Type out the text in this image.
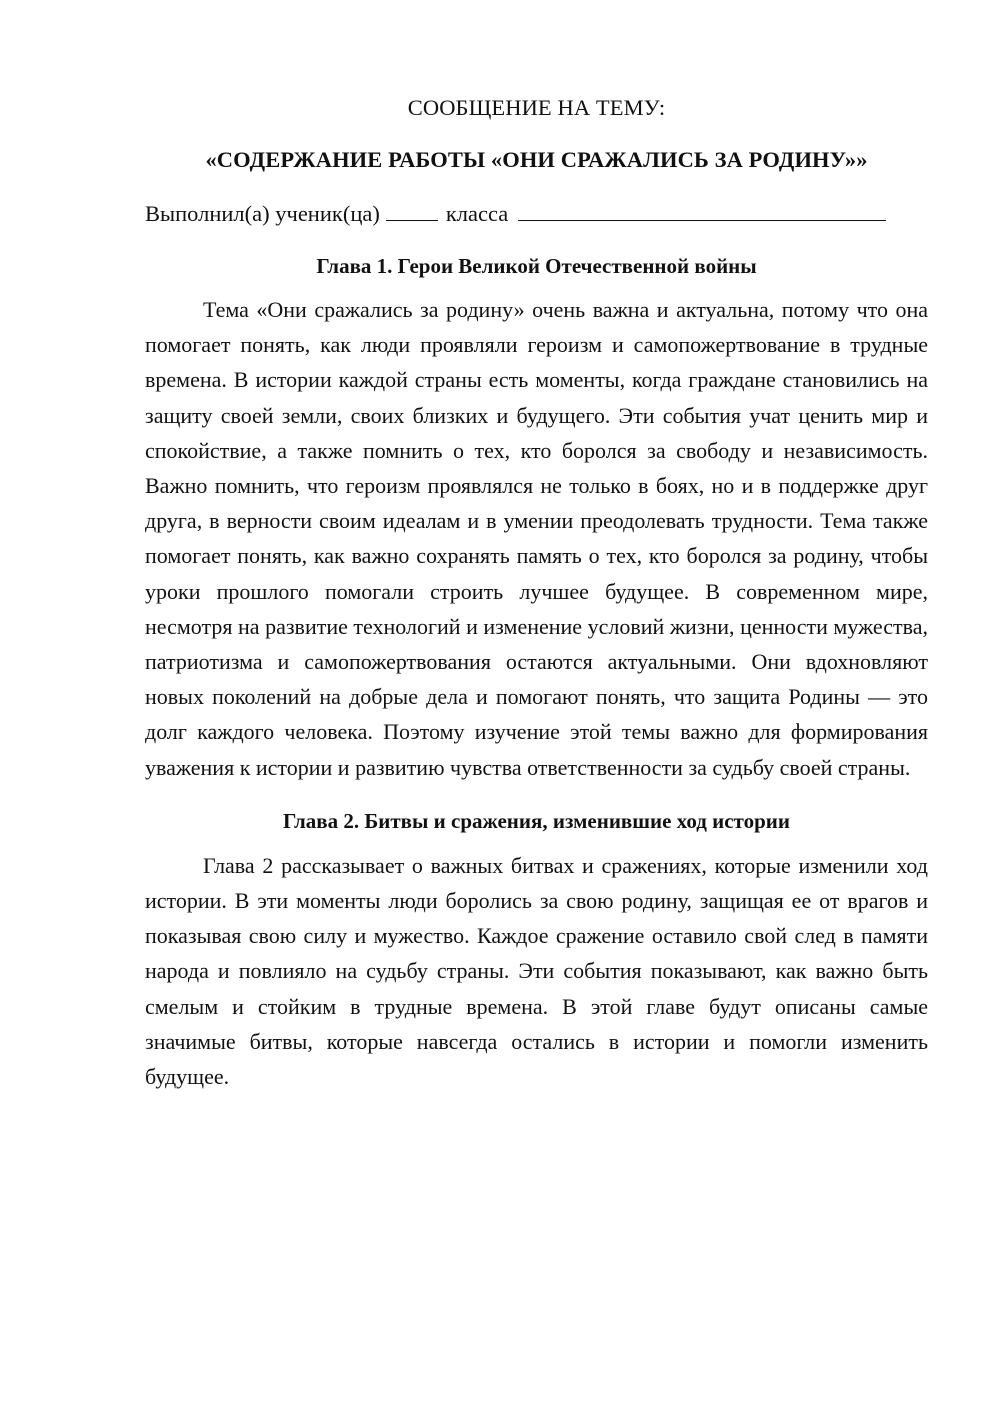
СООБЩЕНИЕ НА ТЕМУ:

«СОДЕРЖАНИЕ РАБОТЫ «ОНИ СРАЖАЛИСЬ ЗА РОДИНУ»»

Выполнил(а) ученик(ца)	класса
Глава 1. Герои Великой Отечественной войны

Тема «Они сражались за родину» очень важна и актуальна, потому что она помогает понять, как люди проявляли героизм и самопожертвование в трудные времена. В истории каждой страны есть моменты, когда граждане становились на защиту своей земли, своих близких и будущего. Эти события учат ценить мир и спокойствие, а также помнить о тех, кто боролся за свободу и независимость. Важно помнить, что героизм проявлялся не только в боях, но и в поддержке друг друга, в верности своим идеалам и в умении преодолевать трудности. Тема также помогает понять, как важно сохранять память о тех, кто боролся за родину, чтобы уроки прошлого помогали строить лучшее будущее. В современном мире, несмотря на развитие технологий и изменение условий жизни, ценности мужества, патриотизма и самопожертвования остаются актуальными. Они вдохновляют новых поколений на добрые дела и помогают понять, что защита Родины — это долг каждого человека. Поэтому изучение этой темы важно для формирования уважения к истории и развитию чувства ответственности за судьбу своей страны.

Глава 2. Битвы и сражения, изменившие ход истории

Глава 2 рассказывает о важных битвах и сражениях, которые изменили ход истории. В эти моменты люди боролись за свою родину, защищая ее от врагов и показывая свою силу и мужество. Каждое сражение оставило свой след в памяти народа и повлияло на судьбу страны. Эти события показывают, как важно быть смелым и стойким в трудные времена. В этой главе будут описаны самые значимые битвы, которые навсегда остались в истории и помогли изменить будущее.
